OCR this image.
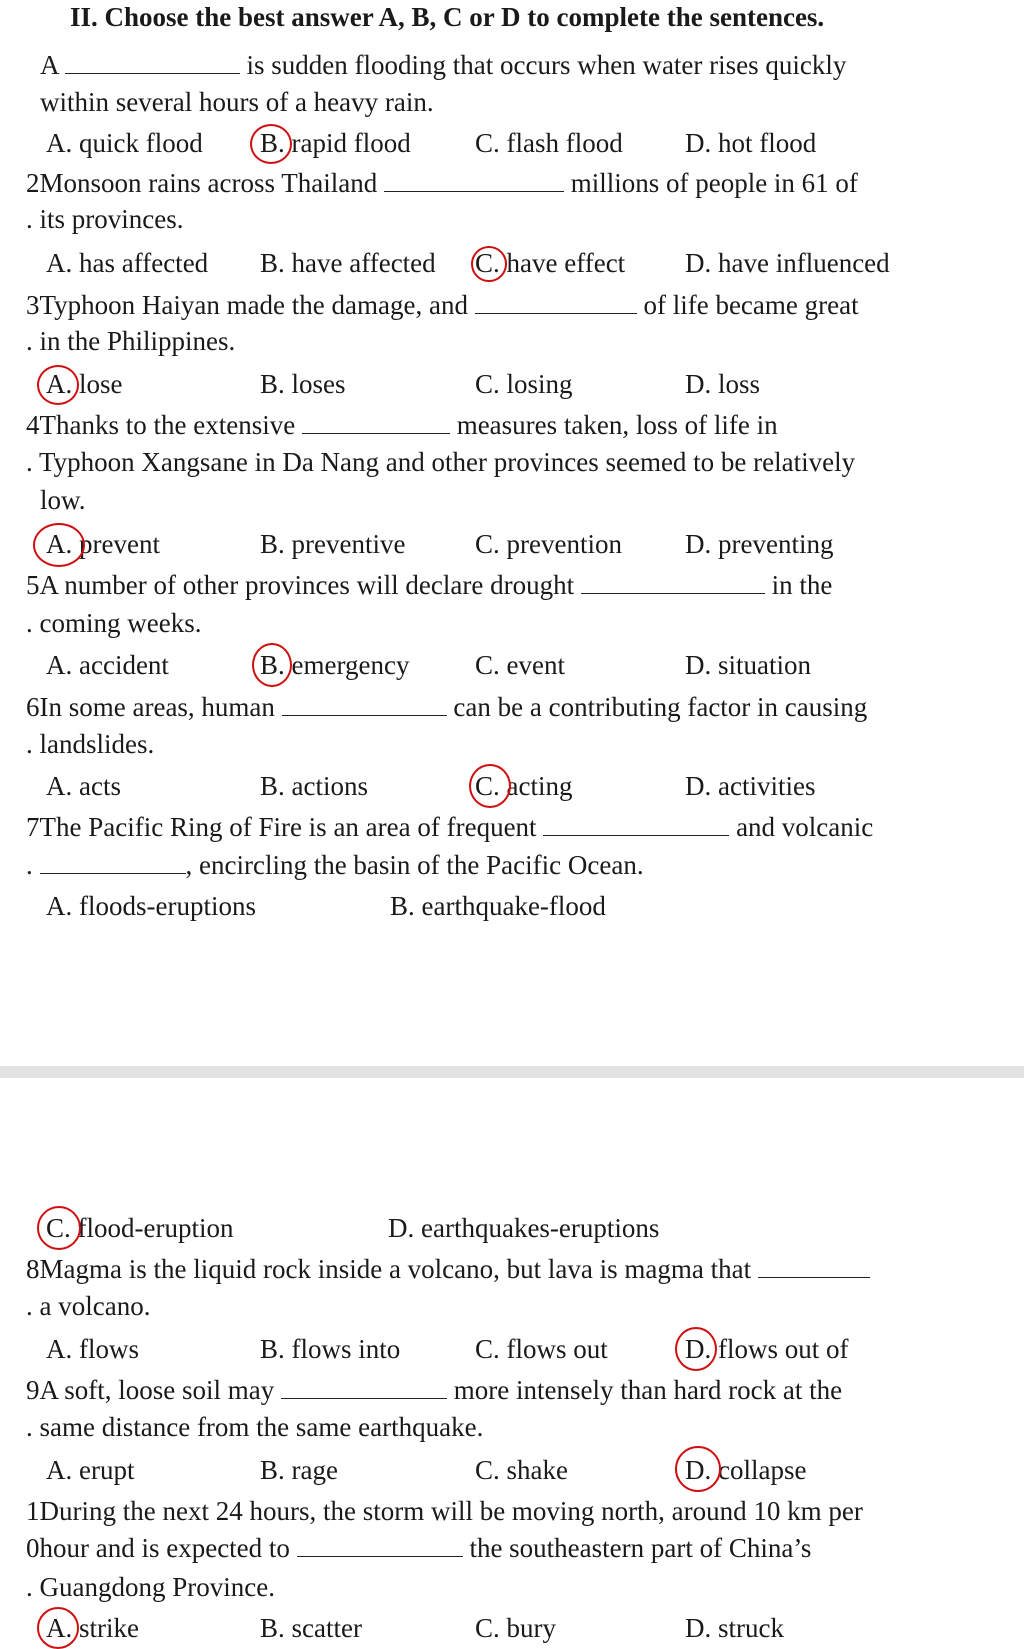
II. Choose the best answer A, B, C or D to complete the sentences.
A	is sudden flooding that occurs when water rises quickly
within several hours of a heavy rain.
A. quick flood B. rapid flood C. flash flood D. hot flood
2Monsoon rains across Thailand	millions of people in 61 of
. its provinces.
A. has affected B. have affected C. have effect D. have influenced
3Typhoon Haiyan made the damage, and	of life became great
. in the Philippines.
A. lose	B. loses	C. losing	D. loss
4Thanks to the extensive	measures taken, loss of life in
. Typhoon Xangsane in Da Nang and other provinces seemed to be relatively
low.
A. prevent	B. preventive	C. prevention D. preventing
5A number of other provinces will declare drought	in the
. coming weeks.
A. accident	B. emergency C. event	D. situation
6In some areas, human	can be a contributing factor in causing
. landslides.
A. acts	B. actions	C. acting	D. activities
7The Pacific Ring of Fire is an area of frequent	and volcanic
.	, encircling the basin of the Pacific Ocean.
A. floods-eruptions	B. earthquake-flood
C. flood-eruption	D. earthquakes-eruptions
8Magma is the liquid rock inside a volcano, but lava is magma that
. a volcano.
A. flows	B. flows into	C. flows out	D. flows out of
9A soft, loose soil may	more intensely than hard rock at the
. same distance from the same earthquake.
A. erupt	B. rage	C. shake	D. collapse
1During the next 24 hours, the storm will be moving north, around 10 km per
0hour and is expected to	the southeastern part of China’s
. Guangdong Province.
A. strike	B. scatter	C. bury	D. struck
